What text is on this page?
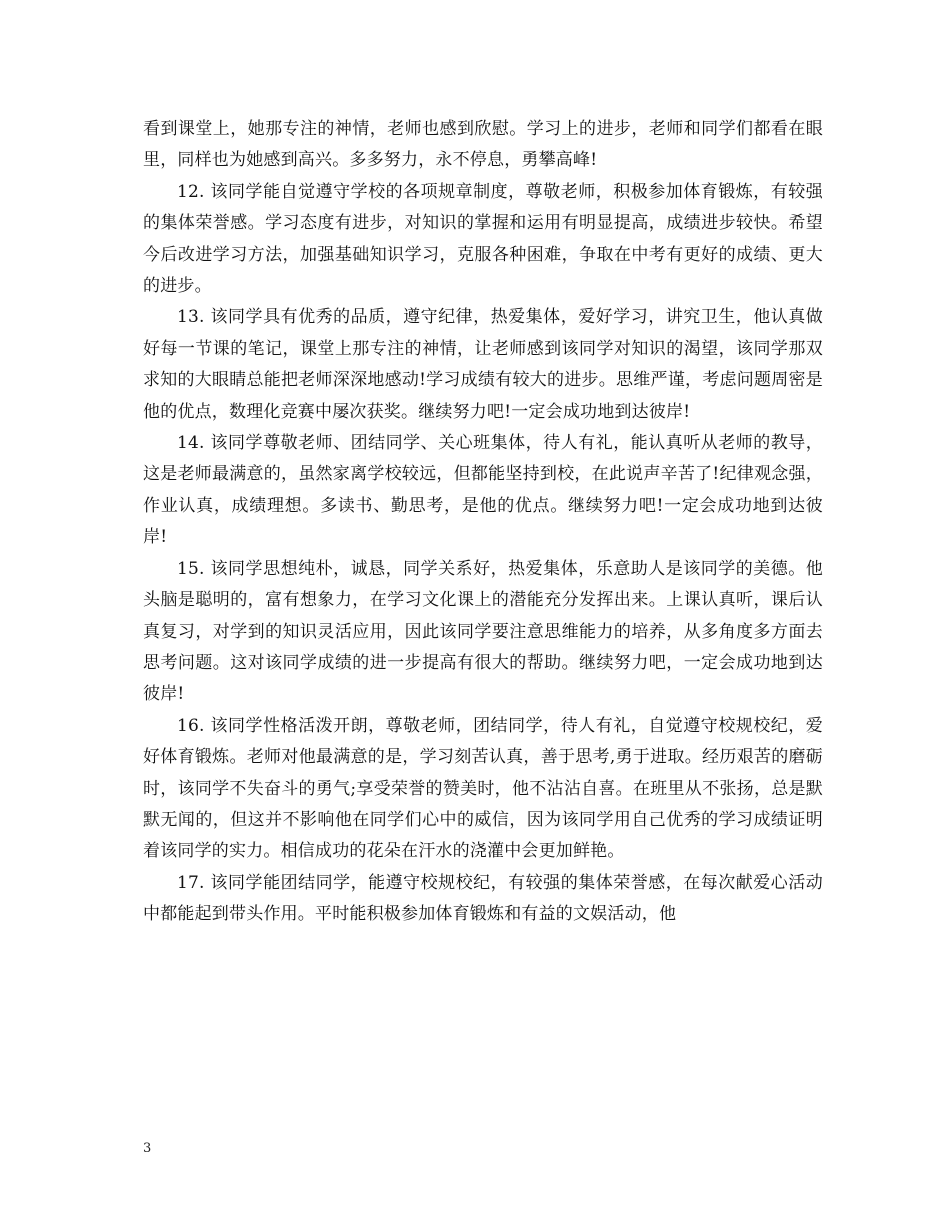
看到课堂上，她那专注的神情，老师也感到欣慰。学习上的进步，老师和同学们都看在眼里，同样也为她感到高兴。多多努力，永不停息，勇攀高峰!

12. 该同学能自觉遵守学校的各项规章制度，尊敬老师，积极参加体育锻炼，有较强的集体荣誉感。学习态度有进步，对知识的掌握和运用有明显提高，成绩进步较快。希望今后改进学习方法，加强基础知识学习，克服各种困难，争取在中考有更好的成绩、更大的进步。

13. 该同学具有优秀的品质，遵守纪律，热爱集体，爱好学习，讲究卫生，他认真做好每一节课的笔记，课堂上那专注的神情，让老师感到该同学对知识的渴望，该同学那双求知的大眼睛总能把老师深深地感动!学习成绩有较大的进步。思维严谨，考虑问题周密是他的优点，数理化竞赛中屡次获奖。继续努力吧!一定会成功地到达彼岸!

14. 该同学尊敬老师、团结同学、关心班集体，待人有礼，能认真听从老师的教导，这是老师最满意的，虽然家离学校较远，但都能坚持到校，在此说声辛苦了!纪律观念强，作业认真，成绩理想。多读书、勤思考，是他的优点。继续努力吧!一定会成功地到达彼岸!

15. 该同学思想纯朴，诚恳，同学关系好，热爱集体，乐意助人是该同学的美德。他头脑是聪明的，富有想象力，在学习文化课上的潜能充分发挥出来。上课认真听，课后认真复习，对学到的知识灵活应用，因此该同学要注意思维能力的培养，从多角度多方面去思考问题。这对该同学成绩的进一步提高有很大的帮助。继续努力吧，一定会成功地到达彼岸!

16. 该同学性格活泼开朗，尊敬老师，团结同学，待人有礼，自觉遵守校规校纪，爱好体育锻炼。老师对他最满意的是，学习刻苦认真，善于思考,勇于进取。经历艰苦的磨砺时，该同学不失奋斗的勇气;享受荣誉的赞美时，他不沾沾自喜。在班里从不张扬，总是默默无闻的，但这并不影响他在同学们心中的威信，因为该同学用自己优秀的学习成绩证明着该同学的实力。相信成功的花朵在汗水的浇灌中会更加鲜艳。

17. 该同学能团结同学，能遵守校规校纪，有较强的集体荣誉感，在每次献爱心活动中都能起到带头作用。平时能积极参加体育锻炼和有益的文娱活动，他

3
